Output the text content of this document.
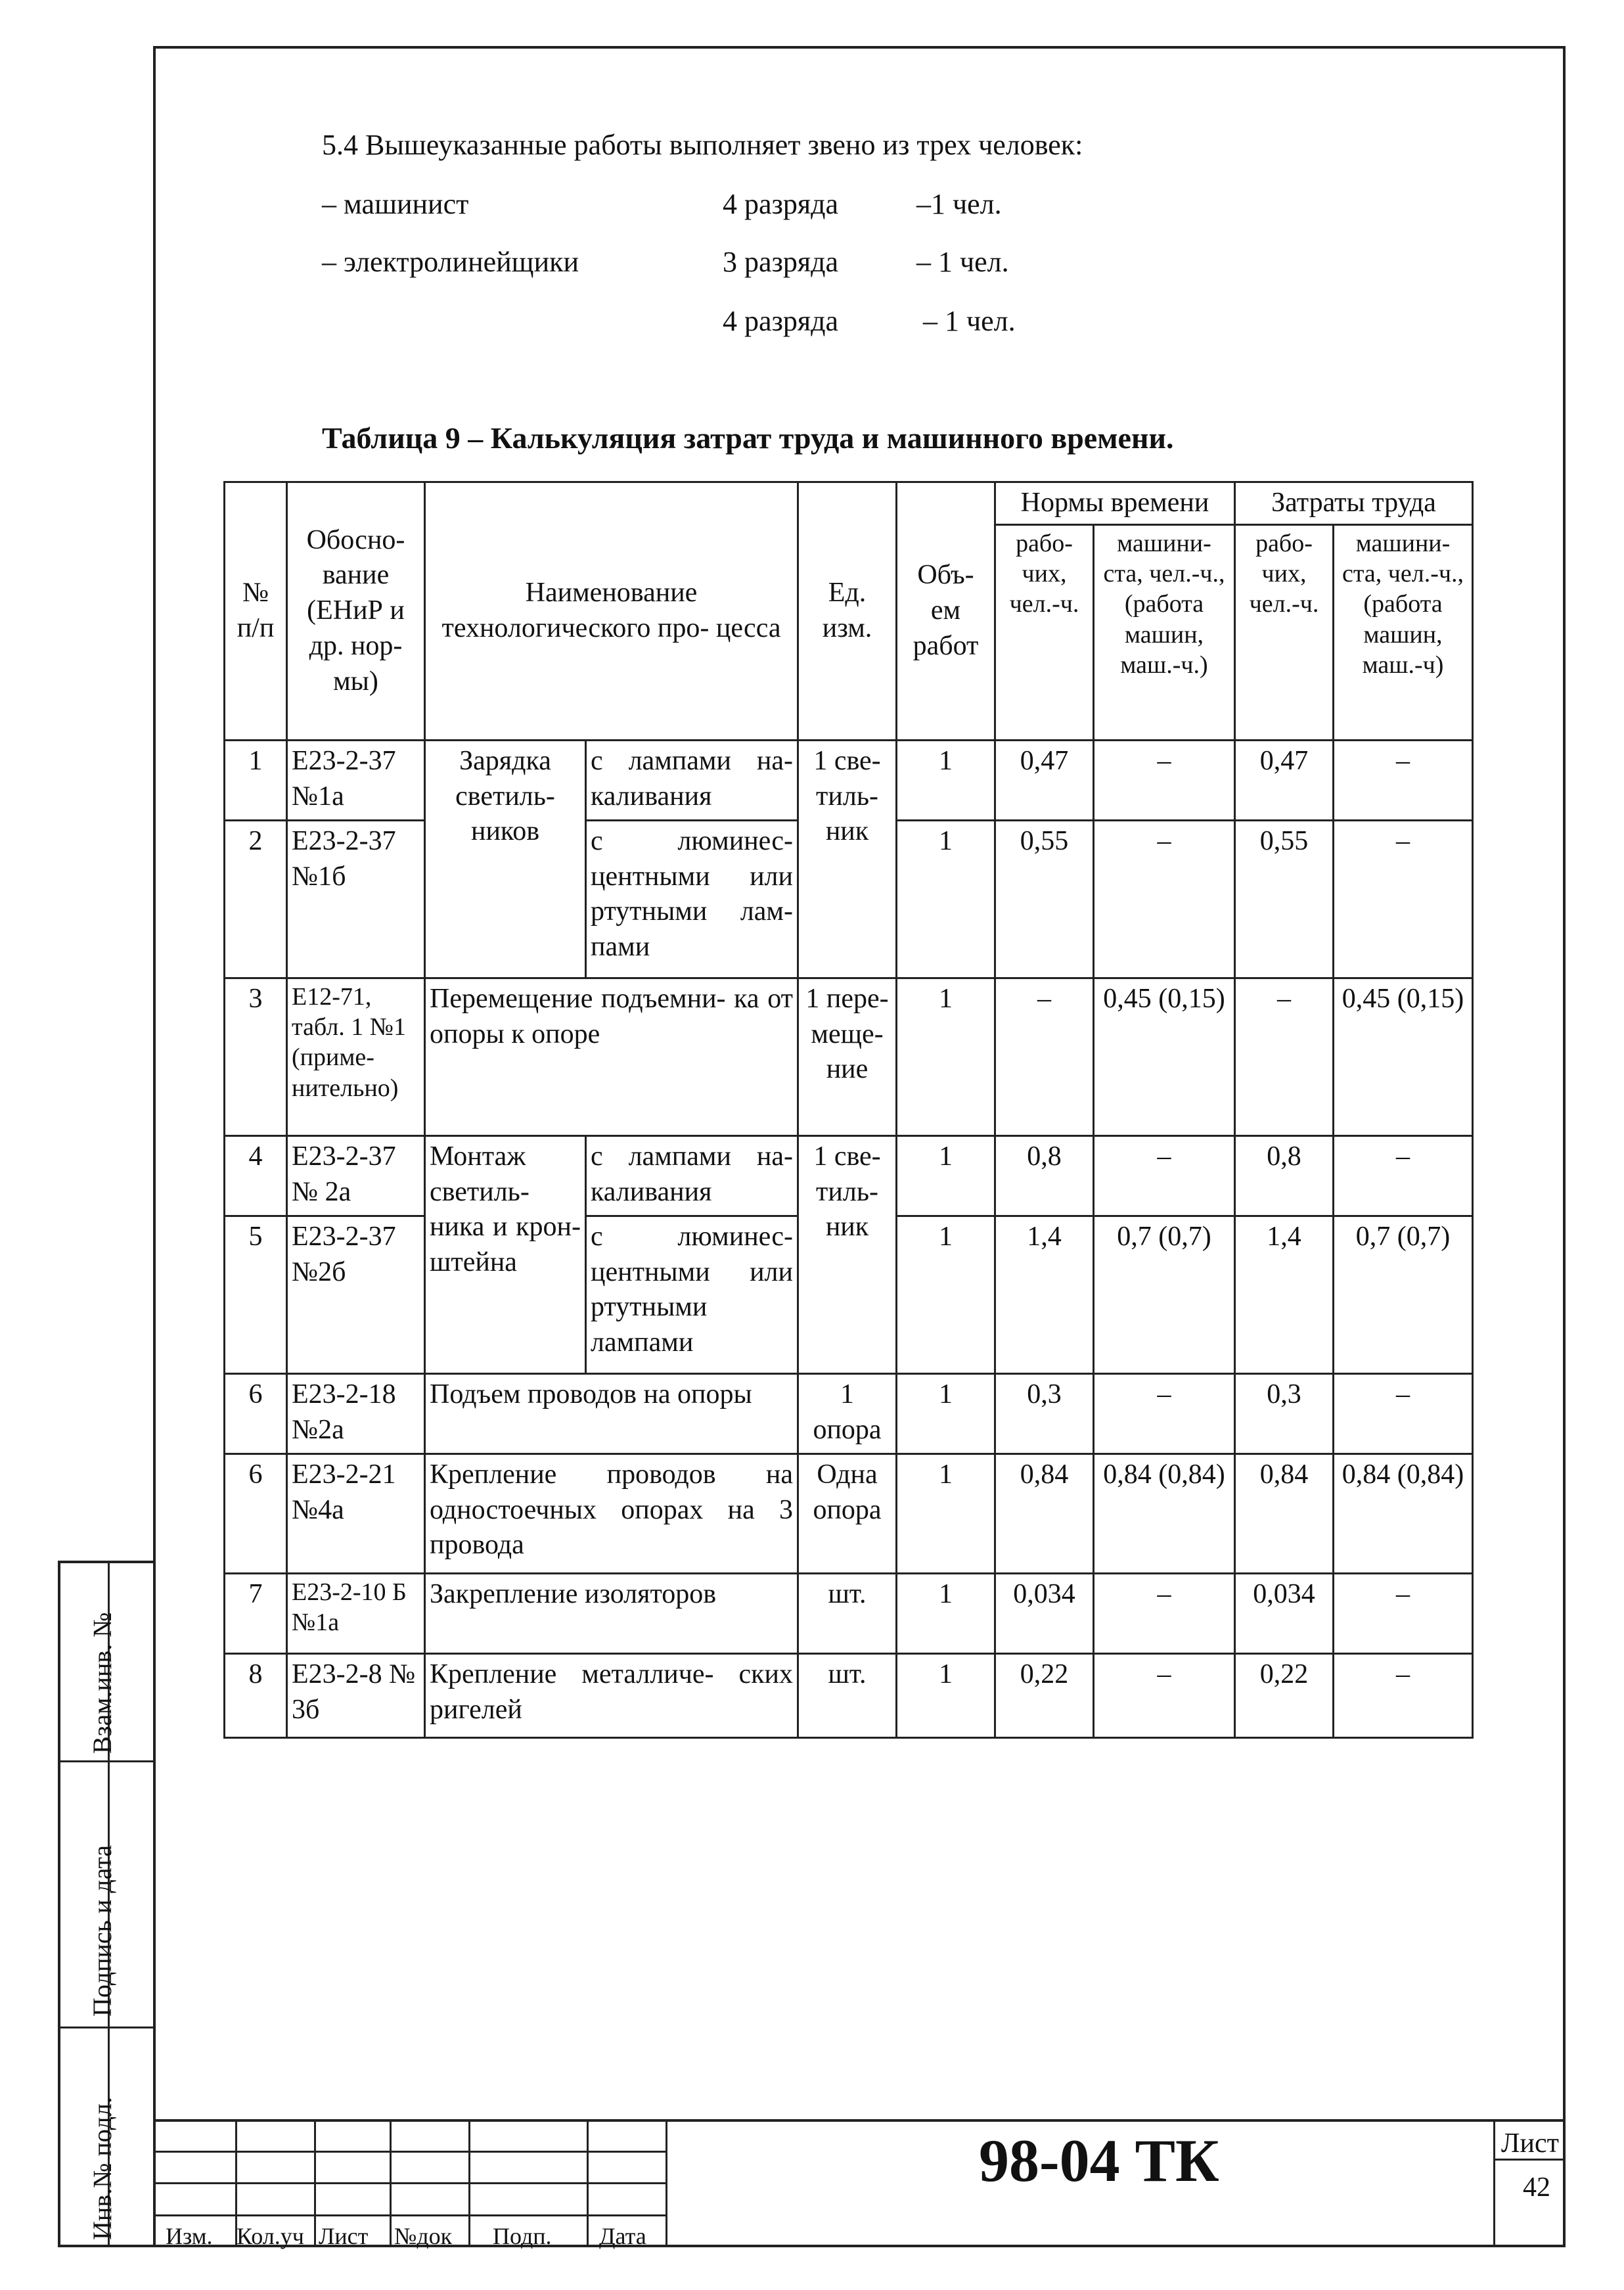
Взам.инв. №
Подпись и дата
Инв.№ подл.
5.4 Вышеуказанные работы выполняет звено из трех человек:
– машинист	4 разряда	–1 чел.
– электролинейщики	3 разряда	– 1 чел.
4 разряда	– 1 чел.
Таблица 9 – Калькуляция затрат труда и машинного времени.
№ п/п	Обосно- вание (ЕНиР и др. нор- мы)	Наименование технологического про- цесса		Ед. изм.	Объ- ем работ	Нормы времени		Затраты труда	
						рабо- чих, чел.-ч.	машини- ста, чел.-ч., (работа машин, маш.-ч.)	рабо- чих, чел.-ч.	машини- ста, чел.-ч., (работа машин, маш.-ч)
1	Е23-2-37 №1а	Зарядка светиль- ников	с лампами на- каливания	1 све- тиль- ник	1	0,47	–	0,47	–
2	Е23-2-37 №1б		с люминес- центными или ртутными лам- пами		1	0,55	–	0,55	–
3	Е12-71, табл. 1 №1 (приме- нительно)	Перемещение подъемни- ка от опоры к опоре		1 пере- меще- ние	1	–	0,45 (0,15)	–	0,45 (0,15)
4	Е23-2-37 № 2а	Монтаж светиль- ника и крон- штейна	с лампами на- каливания	1 све- тиль- ник	1	0,8	–	0,8	–
5	Е23-2-37 №2б		с люминес- центными или ртутными лампами		1	1,4	0,7 (0,7)	1,4	0,7 (0,7)
6	Е23-2-18 №2а	Подъем проводов на опоры		1 опора	1	0,3	–	0,3	–
6	Е23-2-21 №4а	Крепление проводов на одностоечных опорах на 3 провода		Одна опора	1	0,84	0,84 (0,84)	0,84	0,84 (0,84)
7	Е23-2-10 Б №1а	Закрепление изоляторов		шт.	1	0,034	–	0,034	–
8	Е23-2-8 № 3б	Крепление металличе- ских ригелей		шт.	1	0,22	–	0,22	–
Изм. Кол.уч Лист №док Подп. Дата
98-04 ТК	Лист
42
